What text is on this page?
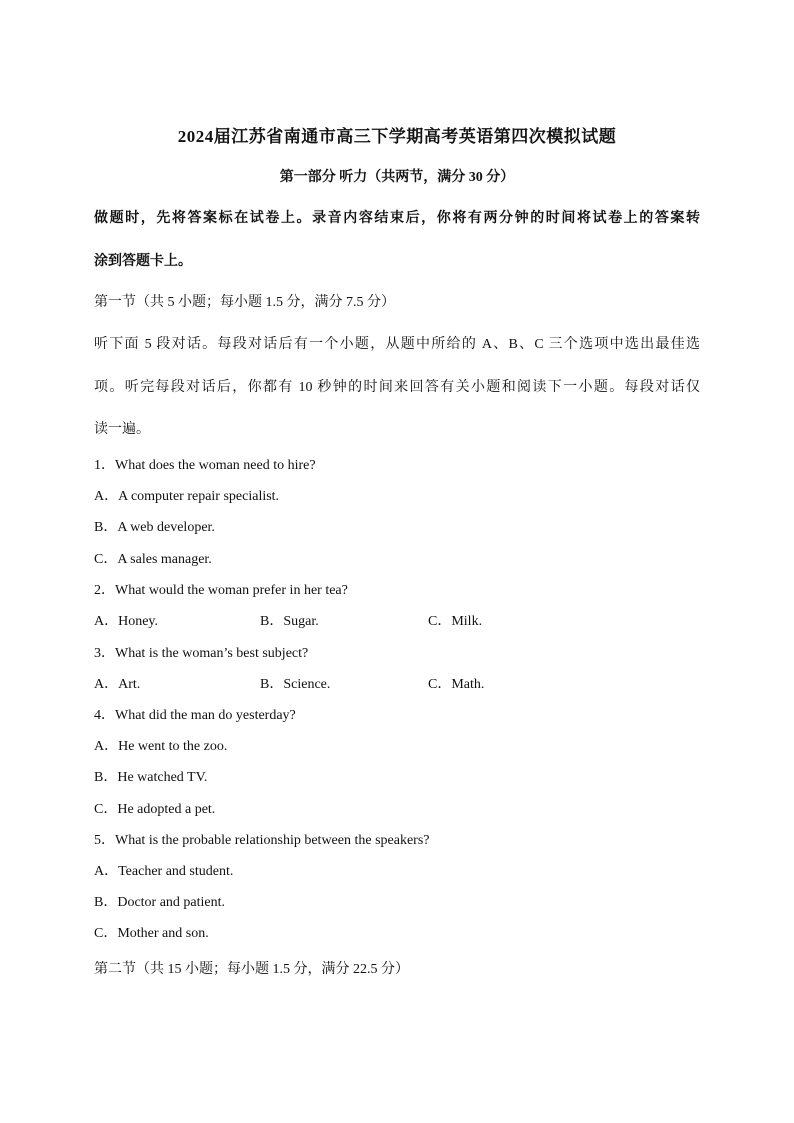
2024届江苏省南通市高三下学期高考英语第四次模拟试题
第一部分 听力（共两节，满分 30 分）
做题时，先将答案标在试卷上。录音内容结束后，你将有两分钟的时间将试卷上的答案转
涂到答题卡上。
第一节（共 5 小题；每小题 1.5 分，满分 7.5 分）
听下面 5 段对话。每段对话后有一个小题，从题中所给的 A、B、C 三个选项中选出最佳选
项。听完每段对话后，你都有 10 秒钟的时间来回答有关小题和阅读下一小题。每段对话仅
读一遍。
1．What does the woman need to hire?
A．A computer repair specialist.
B．A web developer.
C．A sales manager.
2．What would the woman prefer in her tea?
A．Honey.	B．Sugar.	C．Milk.
3．What is the woman’s best subject?
A．Art.	B．Science.	C．Math.
4．What did the man do yesterday?
A．He went to the zoo.
B．He watched TV.
C．He adopted a pet.
5．What is the probable relationship between the speakers?
A．Teacher and student.
B．Doctor and patient.
C．Mother and son.
第二节（共 15 小题；每小题 1.5 分，满分 22.5 分）
